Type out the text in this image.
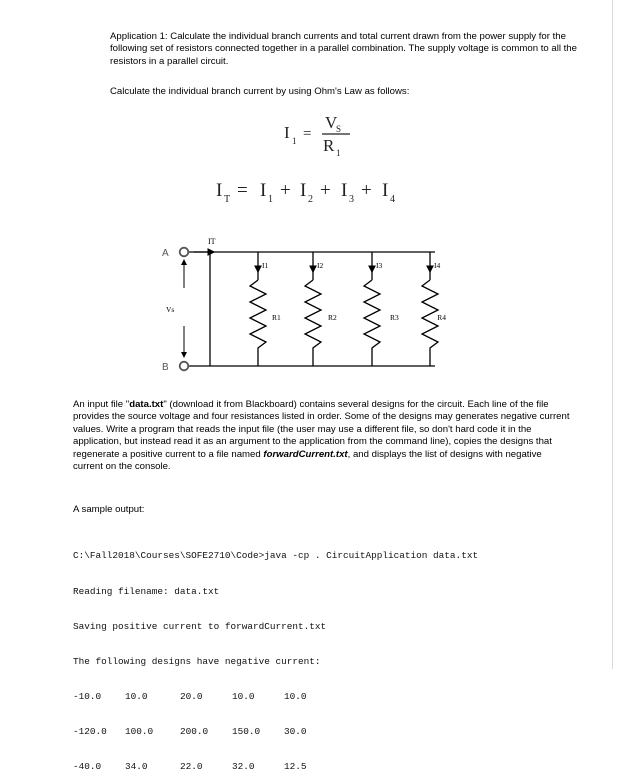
Application 1: Calculate the individual branch currents and total current drawn from the power supply for the following set of resistors connected together in a parallel combination. The supply voltage is common to all the resistors in a parallel circuit.

Calculate the individual branch current by using Ohm's Law as follows:

I 1 =
V
S
R 1
I T = I 1 + I 2 + I 3 + I 4
A
B
Vs
IT
I1
R1
I2
R2
I3
R3
I4
R4

An input file "data.txt" (download it from Blackboard) contains several designs for the circuit. Each line of the file provides the source voltage and four resistances listed in order. Some of the designs may generates negative current values. Write a program that reads the input file (the user may use a different file, so don't hard code it in the application, but instead read it as an argument to the application from the command line), copies the designs that regenerate a positive current to a file named forwardCurrent.txt, and displays the list of designs with negative current on the console.

A sample output:

C:\Fall2018\Courses\SOFE2710\Code>java -cp . CircuitApplication data.txt

Reading filename: data.txt

Saving positive current to forwardCurrent.txt

The following designs have negative current:

-10.0	10.0	20.0	10.0	10.0

-120.0 100.0	200.0	150.0	30.0

-40.0	34.0	22.0	32.0	12.5
